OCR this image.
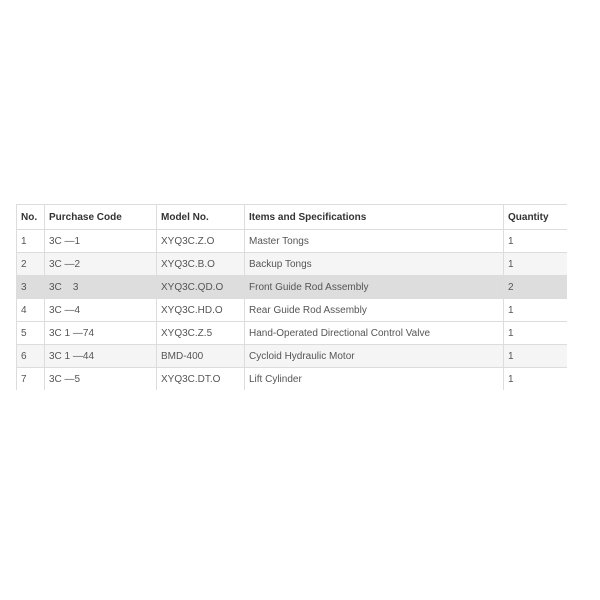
No.	Purchase Code	Model No.	Items and Specifications	Quantity
1	3C —1	XYQ3C.Z.O	Master Tongs	1
2	3C —2	XYQ3C.B.O	Backup Tongs	1
3	3C    3	XYQ3C.QD.O	Front Guide Rod Assembly	2
4	3C —4	XYQ3C.HD.O	Rear Guide Rod Assembly	1
5	3C 1 —74	XYQ3C.Z.5	Hand-Operated Directional Control Valve	1
6	3C 1 —44	BMD-400	Cycloid Hydraulic Motor	1
7	3C —5	XYQ3C.DT.O	Lift Cylinder	1
